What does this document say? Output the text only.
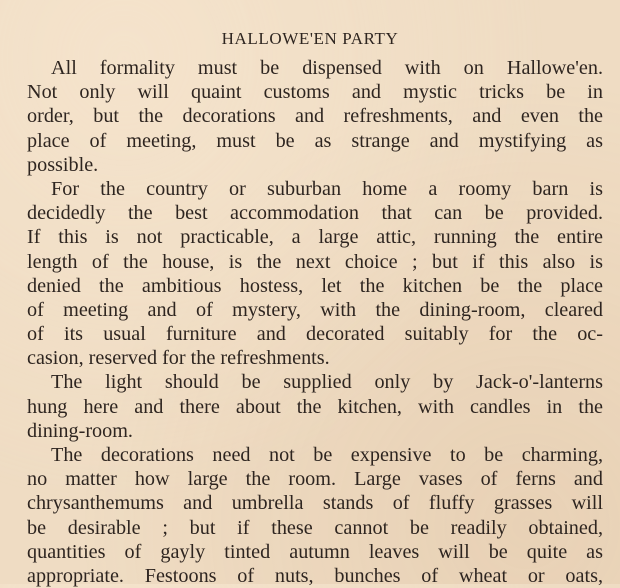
HALLOWE'EN PARTY
All formality must be dispensed with on Hallowe'en.
Not only will quaint customs and mystic tricks be in
order, but the decorations and refreshments, and even the
place of meeting, must be as strange and mystifying as
possible.
For the country or suburban home a roomy barn is
decidedly the best accommodation that can be provided.
If this is not practicable, a large attic, running the entire
length of the house, is the next choice ; but if this also is
denied the ambitious hostess, let the kitchen be the place
of meeting and of mystery, with the dining-room, cleared
of its usual furniture and decorated suitably for the oc-
casion, reserved for the refreshments.
The light should be supplied only by Jack-o'-lanterns
hung here and there about the kitchen, with candles in the
dining-room.
The decorations need not be expensive to be charming,
no matter how large the room. Large vases of ferns and
chrysanthemums and umbrella stands of fluffy grasses will
be desirable ; but if these cannot be readily obtained,
quantities of gayly tinted autumn leaves will be quite as
appropriate. Festoons of nuts, bunches of wheat or oats,
